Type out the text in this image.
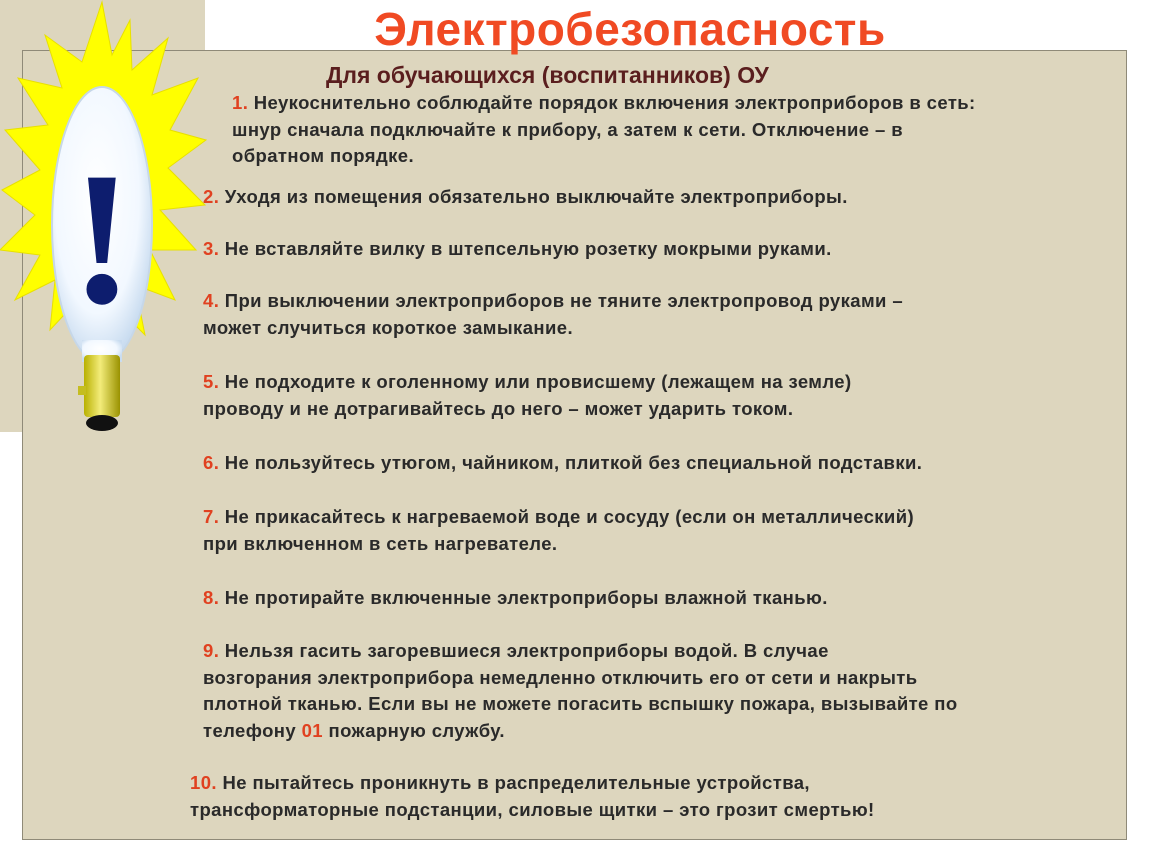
!
Электробезопасность
Для обучающихся (воспитанников) ОУ
1. Неукоснительно соблюдайте порядок включения электроприборов в сеть:
шнур сначала подключайте к прибору, а затем к сети. Отключение – в
обратном порядке.
2. Уходя из помещения обязательно выключайте электроприборы.
3. Не вставляйте вилку в штепсельную розетку мокрыми руками.
4. При выключении электроприборов не тяните электропровод руками –
может случиться короткое замыкание.
5. Не подходите к оголенному или провисшему (лежащем на земле)
проводу и не дотрагивайтесь до него – может ударить током.
6. Не пользуйтесь утюгом, чайником, плиткой без специальной подставки.
7. Не прикасайтесь к нагреваемой воде и сосуду (если он металлический)
при включенном в сеть нагревателе.
8. Не протирайте включенные электроприборы влажной тканью.
9. Нельзя гасить загоревшиеся электроприборы водой. В случае
возгорания электроприбора немедленно отключить его от сети и накрыть
плотной тканью. Если вы не можете погасить вспышку пожара, вызывайте по
телефону 01 пожарную службу.
10. Не пытайтесь проникнуть в распределительные устройства,
трансформаторные подстанции, силовые щитки – это грозит смертью!
